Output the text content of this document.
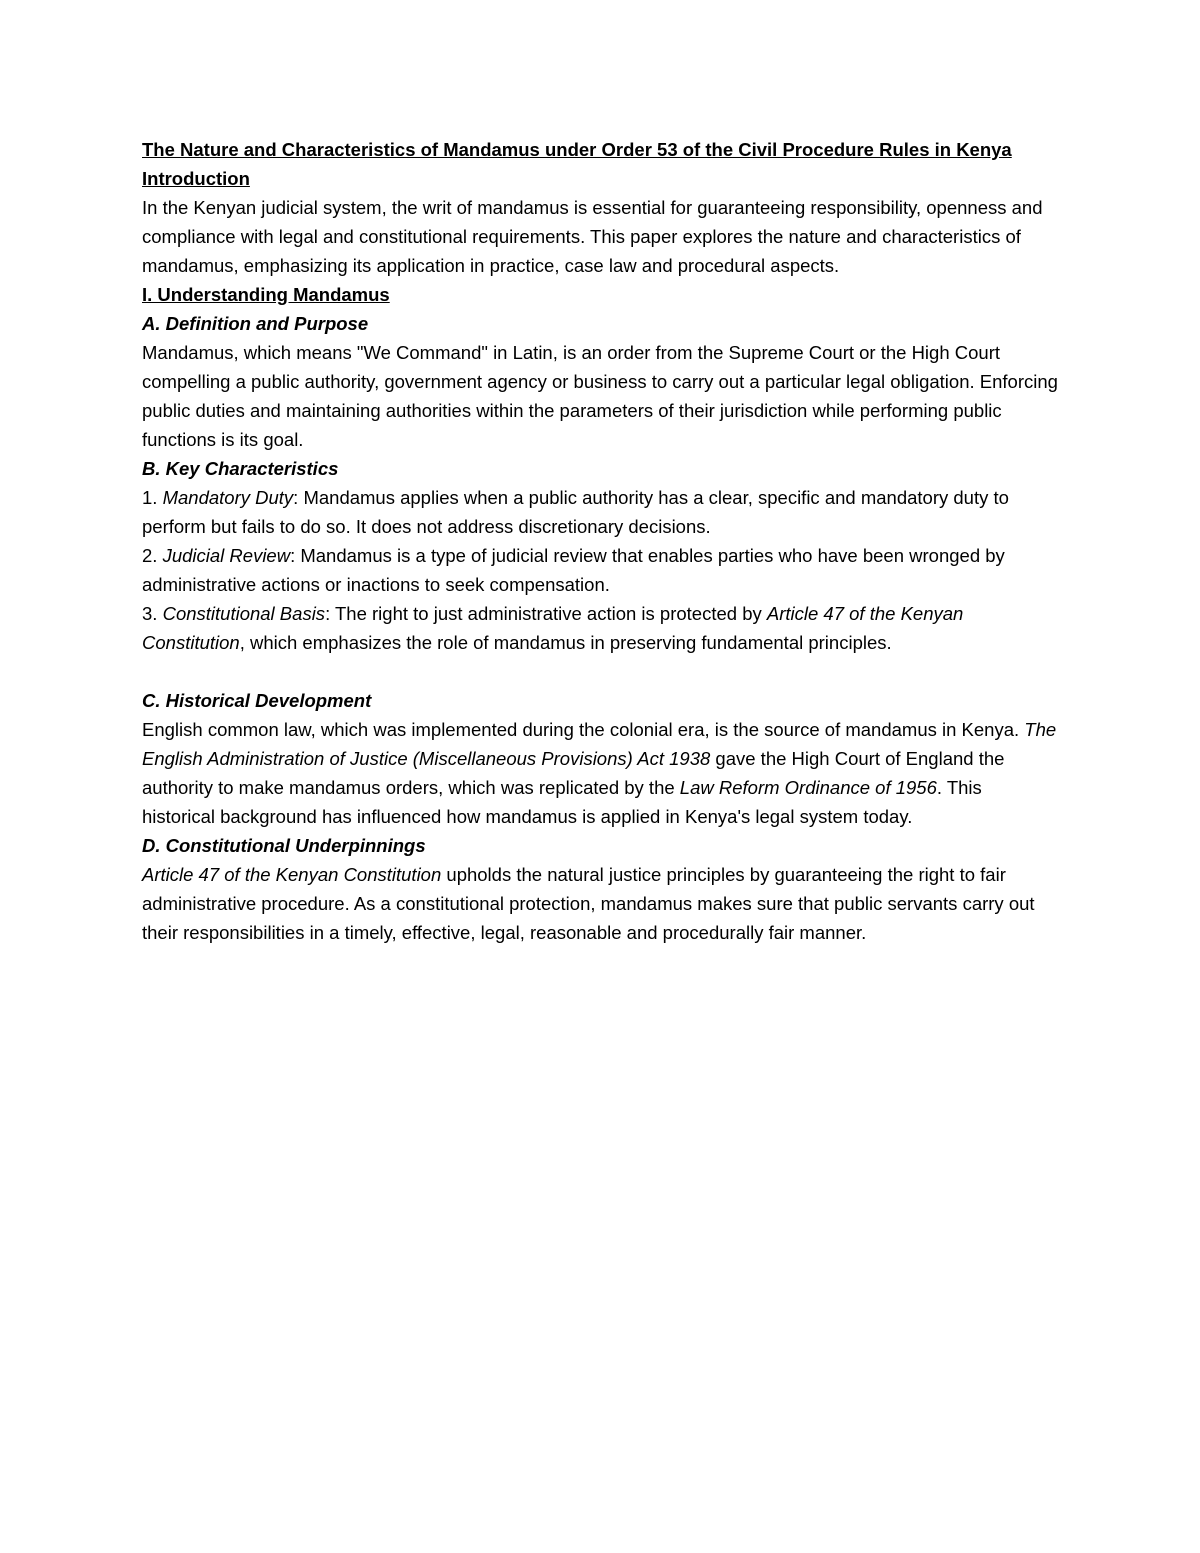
The Nature and Characteristics of Mandamus under Order 53 of the Civil Procedure Rules in Kenya
Introduction

In the Kenyan judicial system, the writ of mandamus is essential for guaranteeing responsibility, openness and compliance with legal and constitutional requirements. This paper explores the nature and characteristics of mandamus, emphasizing its application in practice, case law and procedural aspects.

I. Understanding Mandamus
A. Definition and Purpose

Mandamus, which means "We Command" in Latin, is an order from the Supreme Court or the High Court compelling a public authority, government agency or business to carry out a particular legal obligation. Enforcing public duties and maintaining authorities within the parameters of their jurisdiction while performing public functions is its goal.

B. Key Characteristics

1. Mandatory Duty: Mandamus applies when a public authority has a clear, specific and mandatory duty to perform but fails to do so. It does not address discretionary decisions.

2. Judicial Review: Mandamus is a type of judicial review that enables parties who have been wronged by administrative actions or inactions to seek compensation.

3. Constitutional Basis: The right to just administrative action is protected by Article 47 of the Kenyan Constitution, which emphasizes the role of mandamus in preserving fundamental principles.

C. Historical Development

English common law, which was implemented during the colonial era, is the source of mandamus in Kenya. The English Administration of Justice (Miscellaneous Provisions) Act 1938 gave the High Court of England the authority to make mandamus orders, which was replicated by the Law Reform Ordinance of 1956. This historical background has influenced how mandamus is applied in Kenya's legal system today.

D. Constitutional Underpinnings

Article 47 of the Kenyan Constitution upholds the natural justice principles by guaranteeing the right to fair administrative procedure. As a constitutional protection, mandamus makes sure that public servants carry out their responsibilities in a timely, effective, legal, reasonable and procedurally fair manner.
